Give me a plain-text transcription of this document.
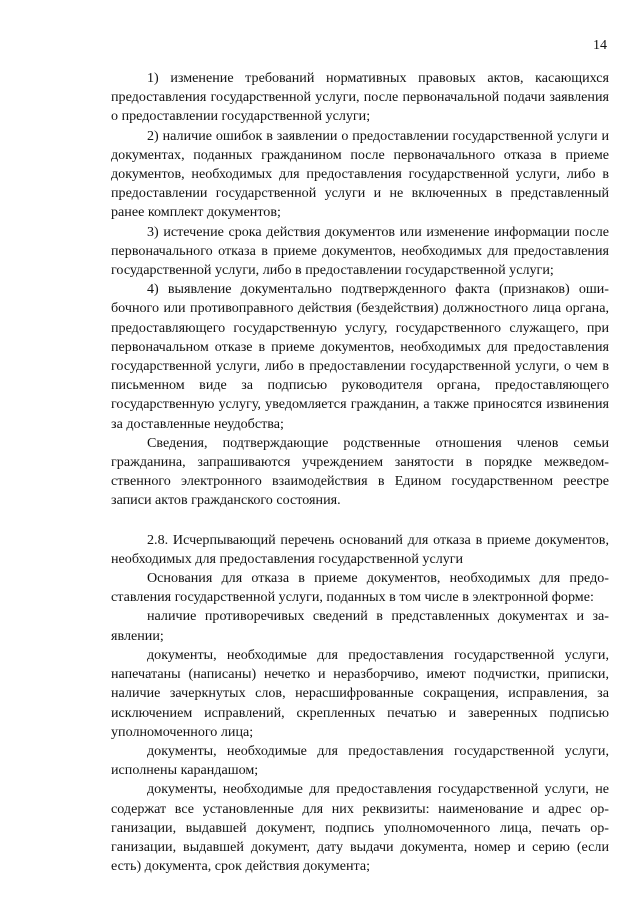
14

1) изменение требований нормативных правовых актов, касающихся предоставления государственной услуги, после первоначальной подачи заявления о предоставлении государственной услуги;

2) наличие ошибок в заявлении о предоставлении государственной услуги и документах, поданных гражданином после первоначального отказа в приеме документов, необходимых для предоставления государственной услуги, либо в предоставлении государственной услуги и не включенных в представленный ранее комплект документов;

3) истечение срока действия документов или изменение информации после первоначального отказа в приеме документов, необходимых для предоставления государственной услуги, либо в предоставлении государственной услуги;

4) выявление документально подтвержденного факта (признаков) ошибочного или противоправного действия (бездействия) должностного лица органа, предоставляющего государственную услугу, государственного служащего, при первоначальном отказе в приеме документов, необходимых для предоставления государственной услуги, либо в предоставлении государственной услуги, о чем в письменном виде за подписью руководителя органа, предоставляющего государственную услугу, уведомляется гражданин, а также приносятся извинения за доставленные неудобства;

Сведения, подтверждающие родственные отношения членов семьи гражданина, запрашиваются учреждением занятости в порядке межведомственного электронного взаимодействия в Едином государственном реестре записи актов гражданского состояния.

2.8. Исчерпывающий перечень оснований для отказа в приеме документов, необходимых для предоставления государственной услуги

Основания для отказа в приеме документов, необходимых для предоставления государственной услуги, поданных в том числе в электронной форме:

наличие противоречивых сведений в представленных документах и заявлении;

документы, необходимые для предоставления государственной услуги, напечатаны (написаны) нечетко и неразборчиво, имеют подчистки, приписки, наличие зачеркнутых слов, нерасшифрованные сокращения, исправления, за исключением исправлений, скрепленных печатью и заверенных подписью уполномоченного лица;

документы, необходимые для предоставления государственной услуги, исполнены карандашом;

документы, необходимые для предоставления государственной услуги, не содержат все установленные для них реквизиты: наименование и адрес организации, выдавшей документ, подпись уполномоченного лица, печать организации, выдавшей документ, дату выдачи документа, номер и серию (если есть) документа, срок действия документа;
